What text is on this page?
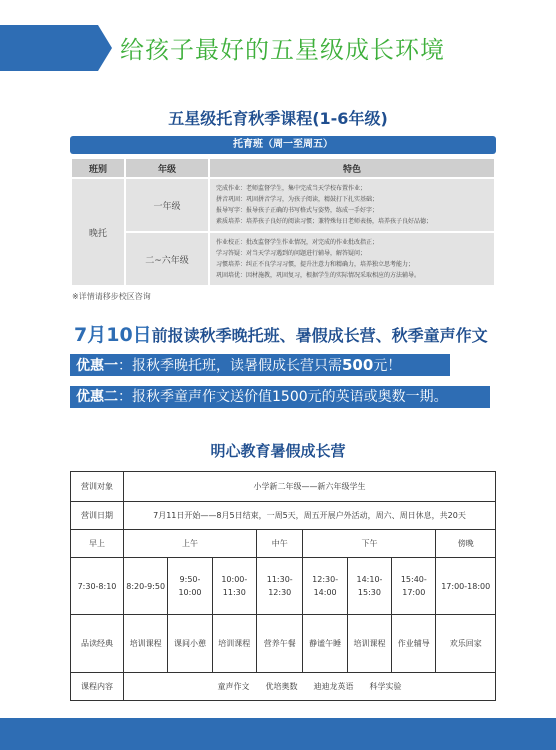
给孩子最好的五星级成长环境
五星级托育秋季课程(1-6年级)
托育班（周一至周五）
班别	年级	特色
晚托	一年级	完成作业：老师监督学生，集中完成当天学校布置作业；
拼音巩固：巩固拼音学习，为孩子阅读，精鼓打下扎实基础；
报导写字：报导孩子正确的书写格式与姿势，练成一手好字；
素质培养：培养孩子良好的阅读习惯；兼特殊每日老师表扬，培养孩子良好品德；

	二~六年级	作业校正：批改监督学生作业情况，对完成的作业批改指正；
学习答疑：对当天学习遇到的问题进行辅导，解答疑问；
习惯培养：纠正不良学习习惯，提升注意力和精确力，培养独立思考能力；
巩固培优：因材施教，巩固复习，根据学生的实际情况采取相应的方法辅导。
※详情请移步校区咨询
7月10日前报读秋季晚托班、暑假成长营、秋季童声作文
优惠一：报秋季晚托班，读暑假成长营只需500元！
优惠二：报秋季童声作文送价值1500元的英语或奥数一期。
明心教育暑假成长营
营训对象	小学新二年级——新六年级学生							
营训日期	7月11日开始——8月5日结束，一周5天，周五开展户外活动，周六、周日休息，共20天							
早上	上午			中午	下午			傍晚
7:30-8:10	8:20-9:50	9:50-10:00	10:00-11:30	11:30-12:30	12:30-14:00	14:10-15:30	15:40-17:00	17:00-18:00
品读经典	培训课程	课间小憩	培训课程	营养午餐	静谧午睡	培训课程	作业辅导	欢乐回家
课程内容	童声作文　　优培奥数　　迪迪龙英语　　科学实验							
